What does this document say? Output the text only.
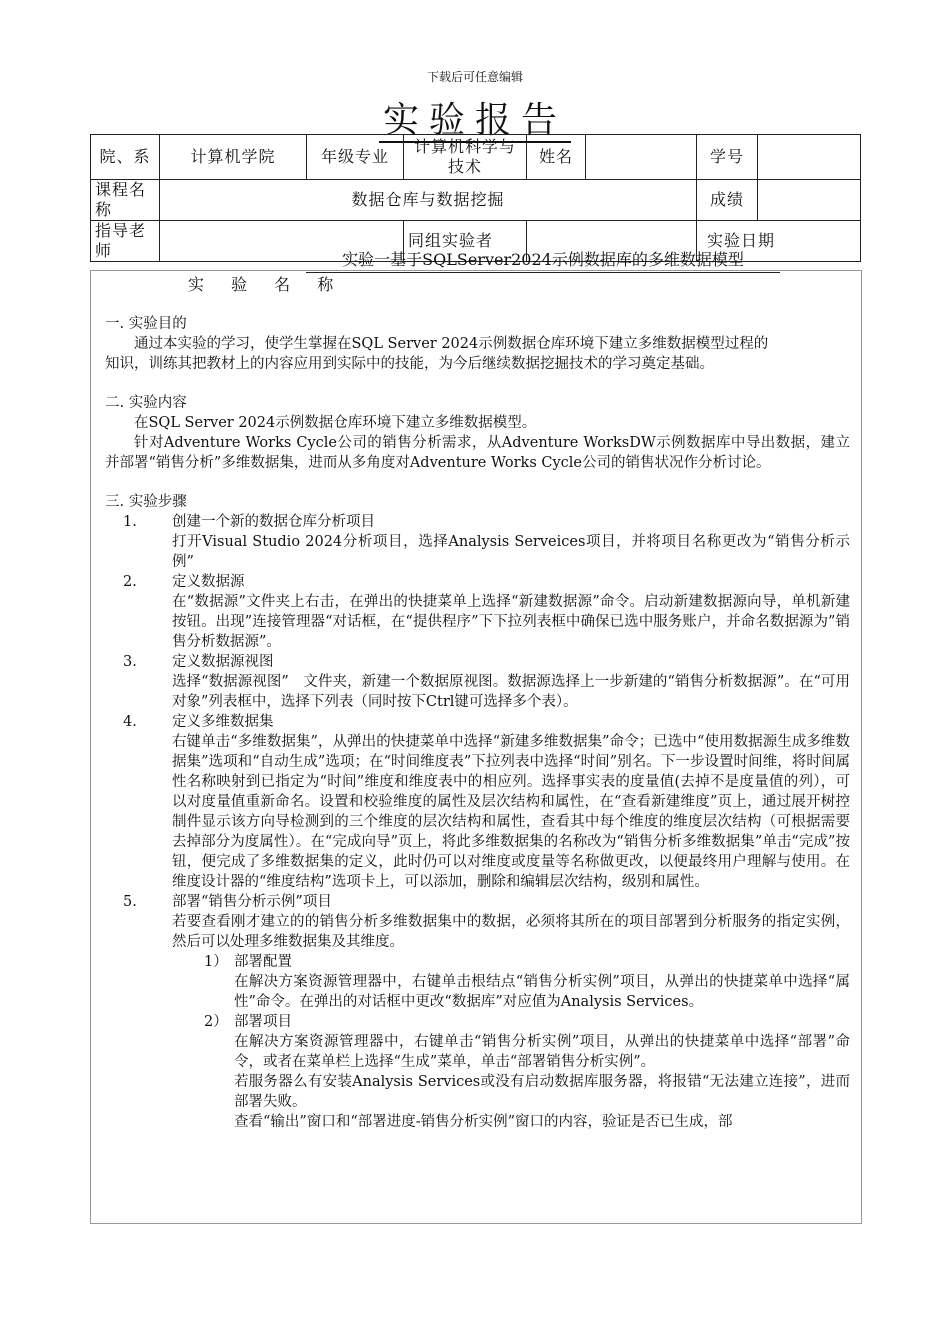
下载后可任意编辑
实验报告
院、系	计算机学院	年级专业	计算机科学与技术	姓名		学号	
课程名称	数据仓库与数据挖掘					成绩	
指导老师			同组实验者			实验日期	
实 验 名 称
实验一基于SQLServer2024示例数据库的多维数据模型

一. 实验目的

通过本实验的学习，使学生掌握在SQL Server 2024示例数据仓库环境下建立多维数据模型过程的知识，训练其把教材上的内容应用到实际中的技能，为今后继续数据挖掘技术的学习奠定基础。

二. 实验内容

在SQL Server 2024示例数据仓库环境下建立多维数据模型。

针对Adventure Works Cycle公司的销售分析需求，从Adventure WorksDW示例数据库中导出数据，建立并部署“销售分析”多维数据集，进而从多角度对Adventure Works Cycle公司的销售状况作分析讨论。

三. 实验步骤

1.	创建一个新的数据仓库分析项目

打开Visual Studio 2024分析项目，选择Analysis Serveices项目，并将项目名称更改为“销售分析示例”

2.	定义数据源

在“数据源”文件夹上右击，在弹出的快捷菜单上选择“新建数据源”命令。启动新建数据源向导，单机新建按钮。出现”连接管理器“对话框，在“提供程序”下下拉列表框中确保已选中服务账户，并命名数据源为”销售分析数据源”。

3.	定义数据源视图

选择“数据源视图”　文件夹，新建一个数据原视图。数据源选择上一步新建的“销售分析数据源”。在“可用对象”列表框中，选择下列表（同时按下Ctrl键可选择多个表）。

4.	定义多维数据集

右键单击“多维数据集”，从弹出的快捷菜单中选择“新建多维数据集”命令；已选中“使用数据源生成多维数据集”选项和“自动生成”选项；在“时间维度表”下拉列表中选择“时间”别名。下一步设置时间维，将时间属性名称映射到已指定为“时间”维度和维度表中的相应列。选择事实表的度量值(去掉不是度量值的列），可以对度量值重新命名。设置和校验维度的属性及层次结构和属性，在“查看新建维度”页上，通过展开树控制件显示该方向导检测到的三个维度的层次结构和属性，查看其中每个维度的维度层次结构（可根据需要去掉部分为度属性）。在“完成向导”页上，将此多维数据集的名称改为“销售分析多维数据集”单击“完成”按钮，便完成了多维数据集的定义，此时仍可以对维度或度量等名称做更改，以便最终用户理解与使用。在维度设计器的“维度结构”选项卡上，可以添加，删除和编辑层次结构，级别和属性。

5.	部署“销售分析示例”项目

若要查看刚才建立的的销售分析多维数据集中的数据，必须将其所在的项目部署到分析服务的指定实例，然后可以处理多维数据集及其维度。

1） 部署配置

在解决方案资源管理器中，右键单击根结点“销售分析实例”项目，从弹出的快捷菜单中选择“属性”命令。在弹出的对话框中更改“数据库”对应值为Analysis Services。

2） 部署项目

在解决方案资源管理器中，右键单击“销售分析实例”项目，从弹出的快捷菜单中选择“部署”命令，或者在菜单栏上选择“生成”菜单，单击“部署销售分析实例”。

若服务器么有安装Analysis Services或没有启动数据库服务器，将报错“无法建立连接”，进而部署失败。

查看“输出”窗口和“部署进度-销售分析实例”窗口的内容，验证是否已生成，部
